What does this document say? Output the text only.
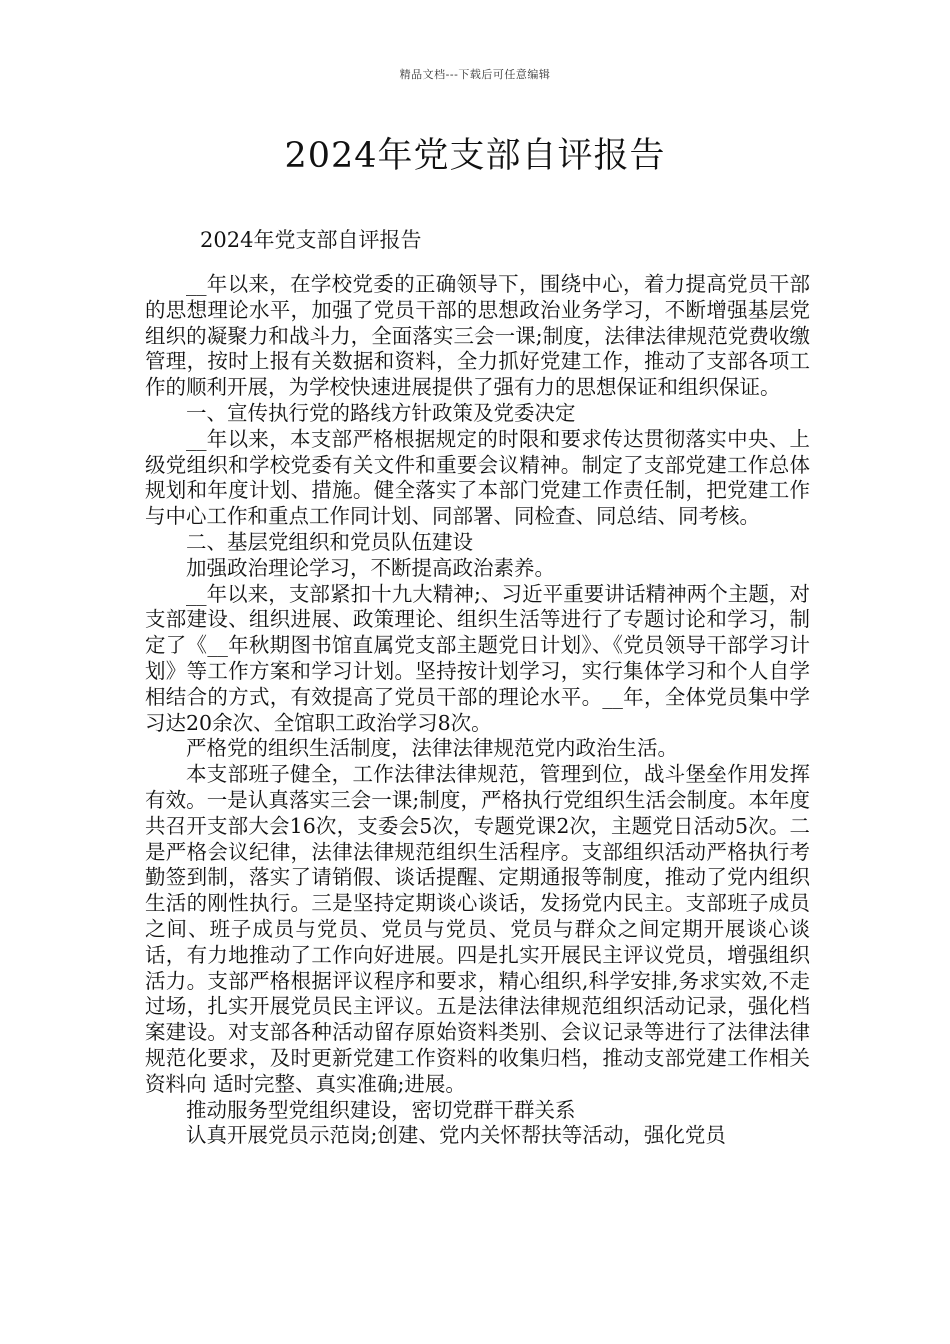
精品文档---下载后可任意编辑
2024年党支部自评报告
2024年党支部自评报告

__年以来，在学校党委的正确领导下，围绕中心，着力提高党员干部的思想理论水平，加强了党员干部的思想政治业务学习，不断增强基层党组织的凝聚力和战斗力，全面落实三会一课;制度，法律法律规范党费收缴管理，按时上报有关数据和资料，全力抓好党建工作，推动了支部各项工作的顺利开展，为学校快速进展提供了强有力的思想保证和组织保证。

一、宣传执行党的路线方针政策及党委决定

__年以来，本支部严格根据规定的时限和要求传达贯彻落实中央、上级党组织和学校党委有关文件和重要会议精神。制定了支部党建工作总体规划和年度计划、措施。健全落实了本部门党建工作责任制，把党建工作与中心工作和重点工作同计划、同部署、同检查、同总结、同考核。

二、基层党组织和党员队伍建设

加强政治理论学习，不断提高政治素养。

__年以来，支部紧扣十九大精神;、习近平重要讲话精神两个主题，对支部建设、组织进展、政策理论、组织生活等进行了专题讨论和学习，制定了《__年秋期图书馆直属党支部主题党日计划》、《党员领导干部学习计划》等工作方案和学习计划。坚持按计划学习，实行集体学习和个人自学相结合的方式，有效提高了党员干部的理论水平。__年，全体党员集中学习达20余次、全馆职工政治学习8次。

严格党的组织生活制度，法律法律规范党内政治生活。

本支部班子健全，工作法律法律规范，管理到位，战斗堡垒作用发挥有效。一是认真落实三会一课;制度，严格执行党组织生活会制度。本年度共召开支部大会16次，支委会5次，专题党课2次，主题党日活动5次。二是严格会议纪律，法律法律规范组织生活程序。支部组织活动严格执行考勤签到制，落实了请销假、谈话提醒、定期通报等制度，推动了党内组织生活的刚性执行。三是坚持定期谈心谈话，发扬党内民主。支部班子成员之间、班子成员与党员、党员与党员、党员与群众之间定期开展谈心谈话，有力地推动了工作向好进展。四是扎实开展民主评议党员，增强组织活力。支部严格根据评议程序和要求，精心组织,科学安排,务求实效,不走过场，扎实开展党员民主评议。五是法律法律规范组织活动记录，强化档案建设。对支部各种活动留存原始资料类别、会议记录等进行了法律法律规范化要求，及时更新党建工作资料的收集归档，推动支部党建工作相关资料向 适时完整、真实准确;进展。

推动服务型党组织建设，密切党群干群关系

认真开展党员示范岗;创建、党内关怀帮扶等活动，强化党员
